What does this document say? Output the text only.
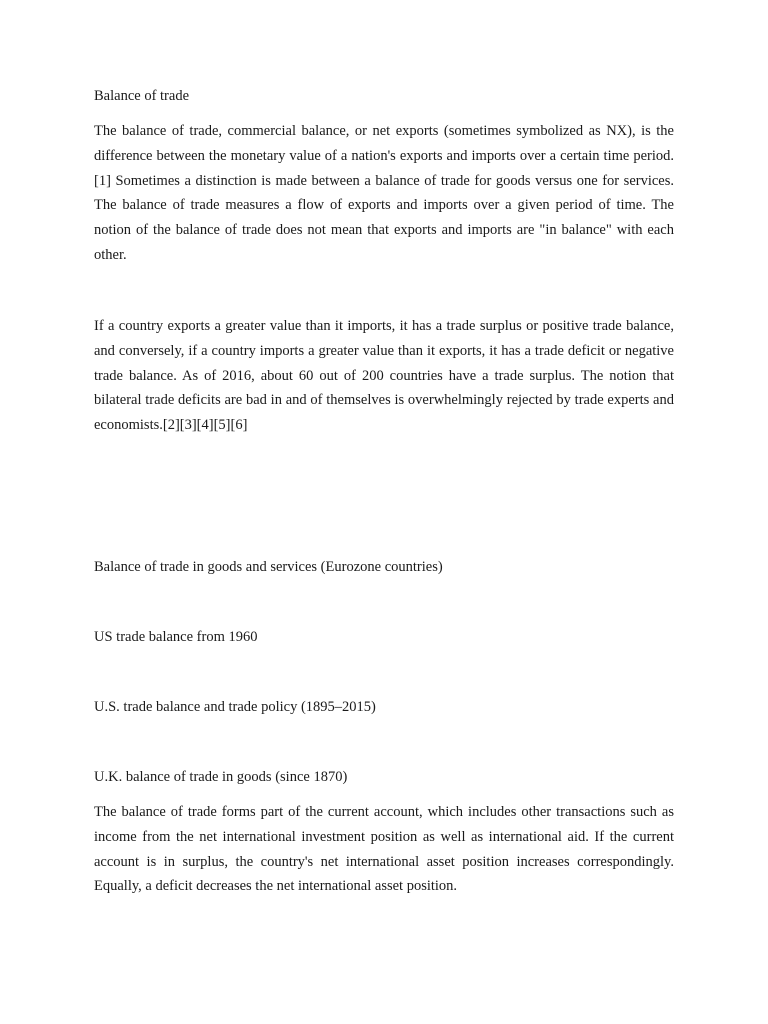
Balance of trade

The balance of trade, commercial balance, or net exports (sometimes symbolized as NX), is the difference between the monetary value of a nation's exports and imports over a certain time period.[1] Sometimes a distinction is made between a balance of trade for goods versus one for services. The balance of trade measures a flow of exports and imports over a given period of time. The notion of the balance of trade does not mean that exports and imports are "in balance" with each other.

If a country exports a greater value than it imports, it has a trade surplus or positive trade balance, and conversely, if a country imports a greater value than it exports, it has a trade deficit or negative trade balance. As of 2016, about 60 out of 200 countries have a trade surplus. The notion that bilateral trade deficits are bad in and of themselves is overwhelmingly rejected by trade experts and economists.[2][3][4][5][6]

Balance of trade in goods and services (Eurozone countries)
US trade balance from 1960
U.S. trade balance and trade policy (1895–2015)
U.K. balance of trade in goods (since 1870)

The balance of trade forms part of the current account, which includes other transactions such as income from the net international investment position as well as international aid. If the current account is in surplus, the country's net international asset position increases correspondingly. Equally, a deficit decreases the net international asset position.
